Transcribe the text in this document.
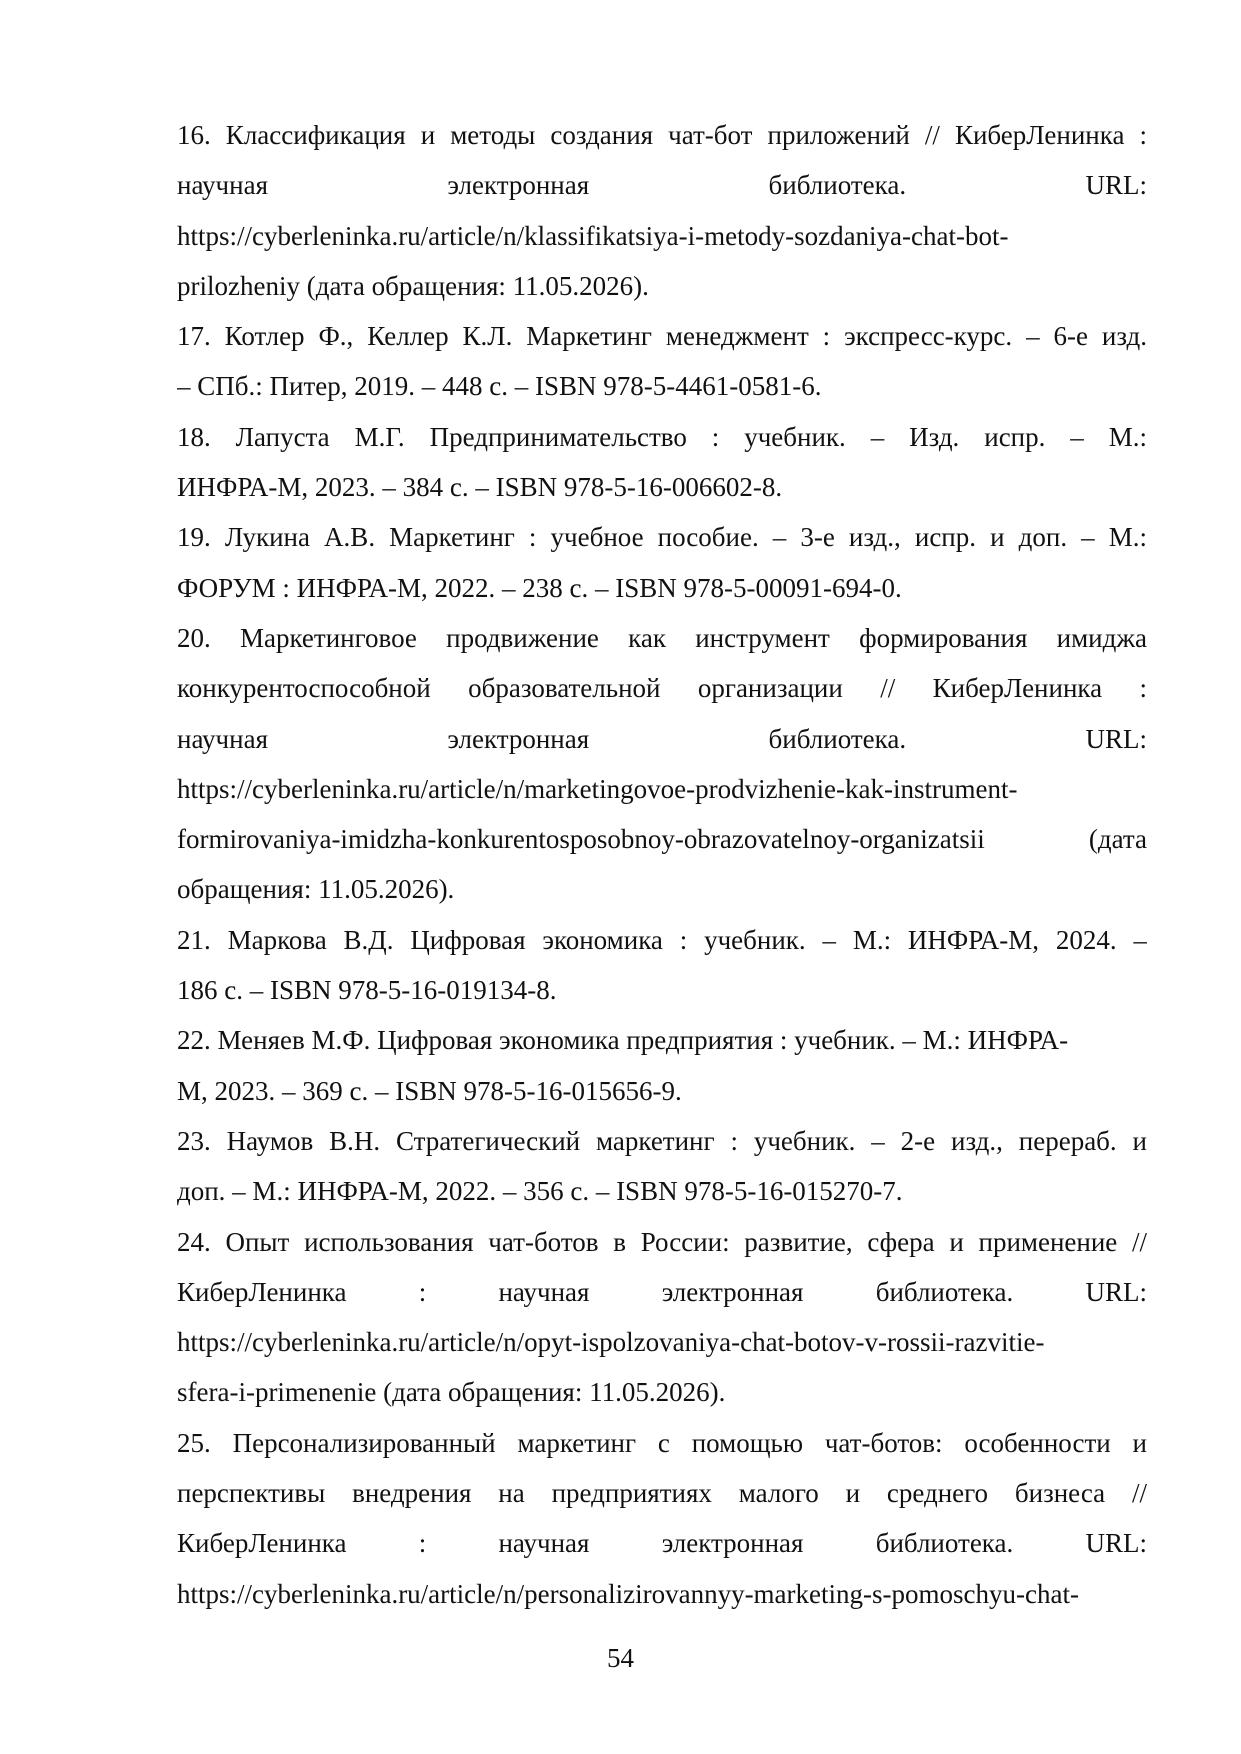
16. Классификация и методы создания чат-бот приложений // КиберЛенинка :
научная электронная библиотека. URL:
https://cyberleninka.ru/article/n/klassifikatsiya-i-metody-sozdaniya-chat-bot-
prilozheniy (дата обращения: 11.05.2026).
17. Котлер Ф., Келлер К.Л. Маркетинг менеджмент : экспресс-курс. – 6-е изд.
– СПб.: Питер, 2019. – 448 с. – ISBN 978-5-4461-0581-6.
18. Лапуста М.Г. Предпринимательство : учебник. – Изд. испр. – М.:
ИНФРА-М, 2023. – 384 с. – ISBN 978-5-16-006602-8.
19. Лукина А.В. Маркетинг : учебное пособие. – 3-е изд., испр. и доп. – М.:
ФОРУМ : ИНФРА-М, 2022. – 238 с. – ISBN 978-5-00091-694-0.
20. Маркетинговое продвижение как инструмент формирования имиджа
конкурентоспособной образовательной организации // КиберЛенинка :
научная электронная библиотека. URL:
https://cyberleninka.ru/article/n/marketingovoe-prodvizhenie-kak-instrument-
formirovaniya-imidzha-konkurentosposobnoy-obrazovatelnoy-organizatsii (дата
обращения: 11.05.2026).
21. Маркова В.Д. Цифровая экономика : учебник. – М.: ИНФРА-М, 2024. –
186 с. – ISBN 978-5-16-019134-8.
22. Меняев М.Ф. Цифровая экономика предприятия : учебник. – М.: ИНФРА-
М, 2023. – 369 с. – ISBN 978-5-16-015656-9.
23. Наумов В.Н. Стратегический маркетинг : учебник. – 2-е изд., перераб. и
доп. – М.: ИНФРА-М, 2022. – 356 с. – ISBN 978-5-16-015270-7.
24. Опыт использования чат-ботов в России: развитие, сфера и применение //
КиберЛенинка : научная электронная библиотека. URL:
https://cyberleninka.ru/article/n/opyt-ispolzovaniya-chat-botov-v-rossii-razvitie-
sfera-i-primenenie (дата обращения: 11.05.2026).
25. Персонализированный маркетинг с помощью чат-ботов: особенности и
перспективы внедрения на предприятиях малого и среднего бизнеса //
КиберЛенинка : научная электронная библиотека. URL:
https://cyberleninka.ru/article/n/personalizirovannyy-marketing-s-pomoschyu-chat-
54
